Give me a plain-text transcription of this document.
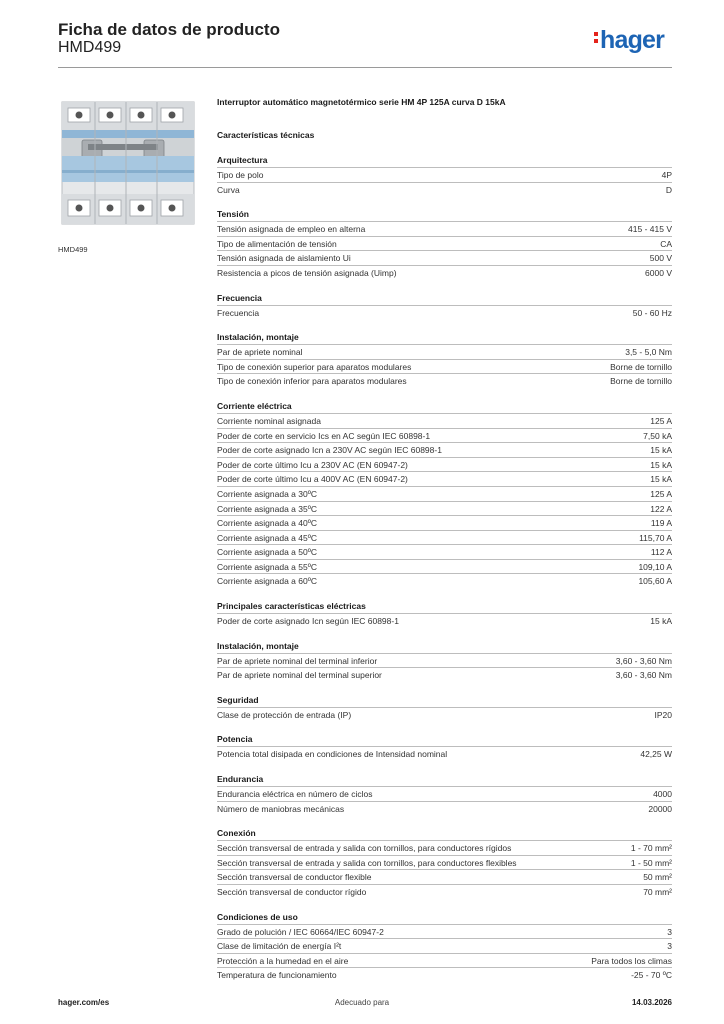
Ficha de datos de producto
HMD499	hager
HMD499
Interruptor automático magnetotérmico serie HM 4P 125A curva D 15kA
Características técnicas
Arquitectura
Tipo de polo	4P
Curva	D
Tensión
Tensión asignada de empleo en alterna	415 - 415 V
Tipo de alimentación de tensión	CA
Tensión asignada de aislamiento Ui	500 V
Resistencia a picos de tensión asignada (Uimp)	6000 V
Frecuencia
Frecuencia	50 - 60 Hz
Instalación, montaje
Par de apriete nominal	3,5 - 5,0 Nm
Tipo de conexión superior para aparatos modulares	Borne de tornillo
Tipo de conexión inferior para aparatos modulares	Borne de tornillo
Corriente eléctrica
Corriente nominal asignada	125 A
Poder de corte en servicio Ics en AC según IEC 60898-1	7,50 kA
Poder de corte asignado Icn a 230V AC según IEC 60898-1	15 kA
Poder de corte último Icu a 230V AC (EN 60947-2)	15 kA
Poder de corte último Icu a 400V AC (EN 60947-2)	15 kA
Corriente asignada a 30ºC	125 A
Corriente asignada a 35ºC	122 A
Corriente asignada a 40ºC	119 A
Corriente asignada a 45ºC	115,70 A
Corriente asignada a 50ºC	112 A
Corriente asignada a 55ºC	109,10 A
Corriente asignada a 60ºC	105,60 A
Principales características eléctricas
Poder de corte asignado Icn según IEC 60898-1	15 kA
Instalación, montaje
Par de apriete nominal del terminal inferior	3,60 - 3,60 Nm
Par de apriete nominal del terminal superior	3,60 - 3,60 Nm
Seguridad
Clase de protección de entrada (IP)	IP20
Potencia
Potencia total disipada en condiciones de Intensidad nominal	42,25 W
Endurancia
Endurancia eléctrica en número de ciclos	4000
Número de maniobras mecánicas	20000
Conexión
Sección transversal de entrada y salida con tornillos, para conductores rígidos	1 - 70 mm²
Sección transversal de entrada y salida con tornillos, para conductores flexibles	1 - 50 mm²
Sección transversal de conductor flexible	50 mm²
Sección transversal de conductor rígido	70 mm²
Condiciones de uso
Grado de polución / IEC 60664/IEC 60947-2	3
Clase de limitación de energía I²t	3
Protección a la humedad en el aire	Para todos los climas
Temperatura de funcionamiento	-25 - 70 ºC
hager.com/es	Adecuado para	14.03.2026
